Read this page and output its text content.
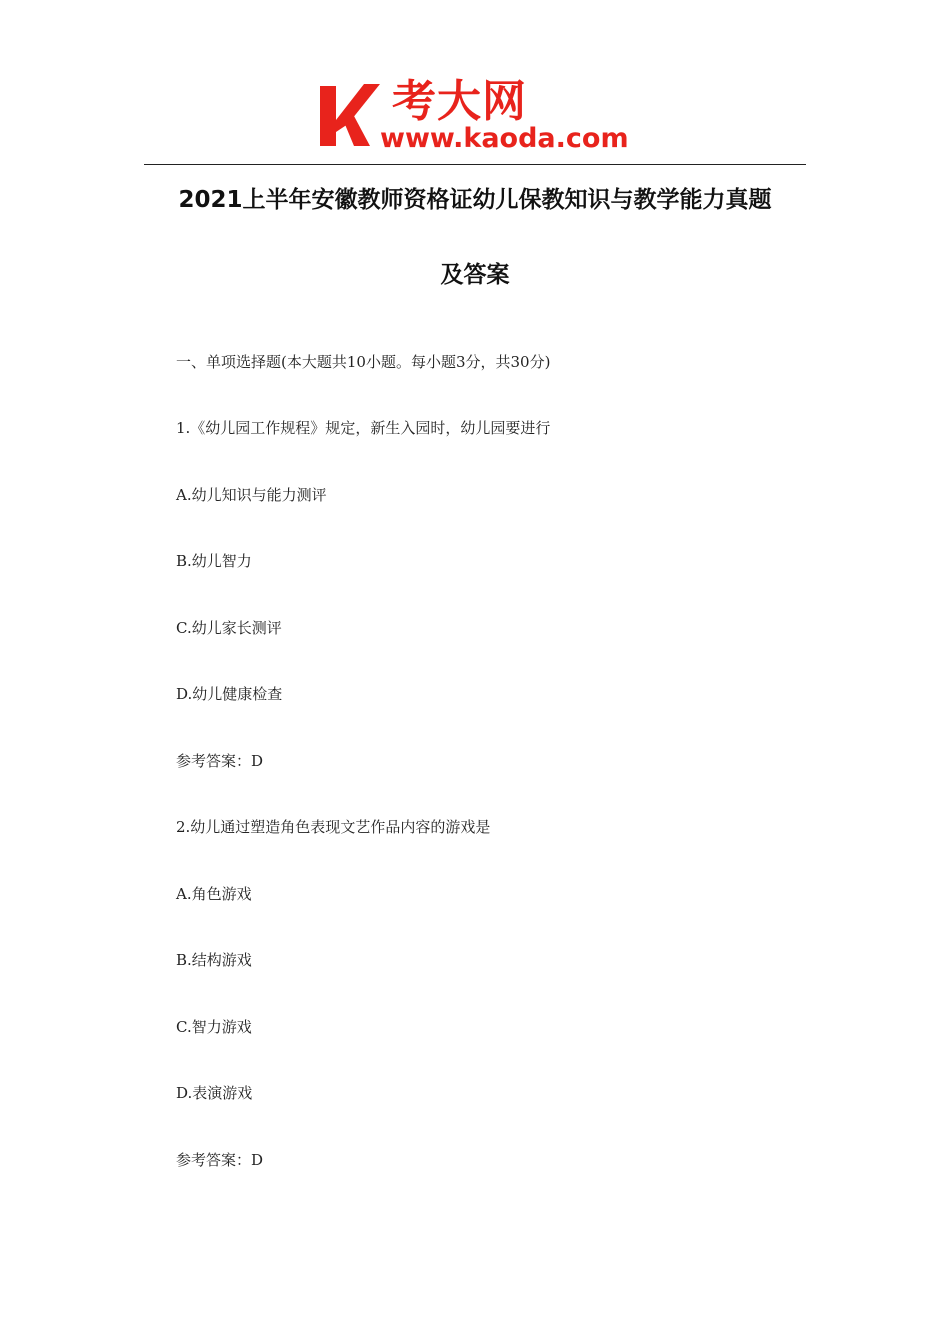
考大网
www.kaoda.com
2021上半年安徽教师资格证幼儿保教知识与教学能力真题
及答案
一、单项选择题(本大题共10小题。每小题3分，共30分)
1.《幼儿园工作规程》规定，新生入园时，幼儿园要进行
A.幼儿知识与能力测评
B.幼儿智力
C.幼儿家长测评
D.幼儿健康检查
参考答案：D
2.幼儿通过塑造角色表现文艺作品内容的游戏是
A.角色游戏
B.结构游戏
C.智力游戏
D.表演游戏
参考答案：D
